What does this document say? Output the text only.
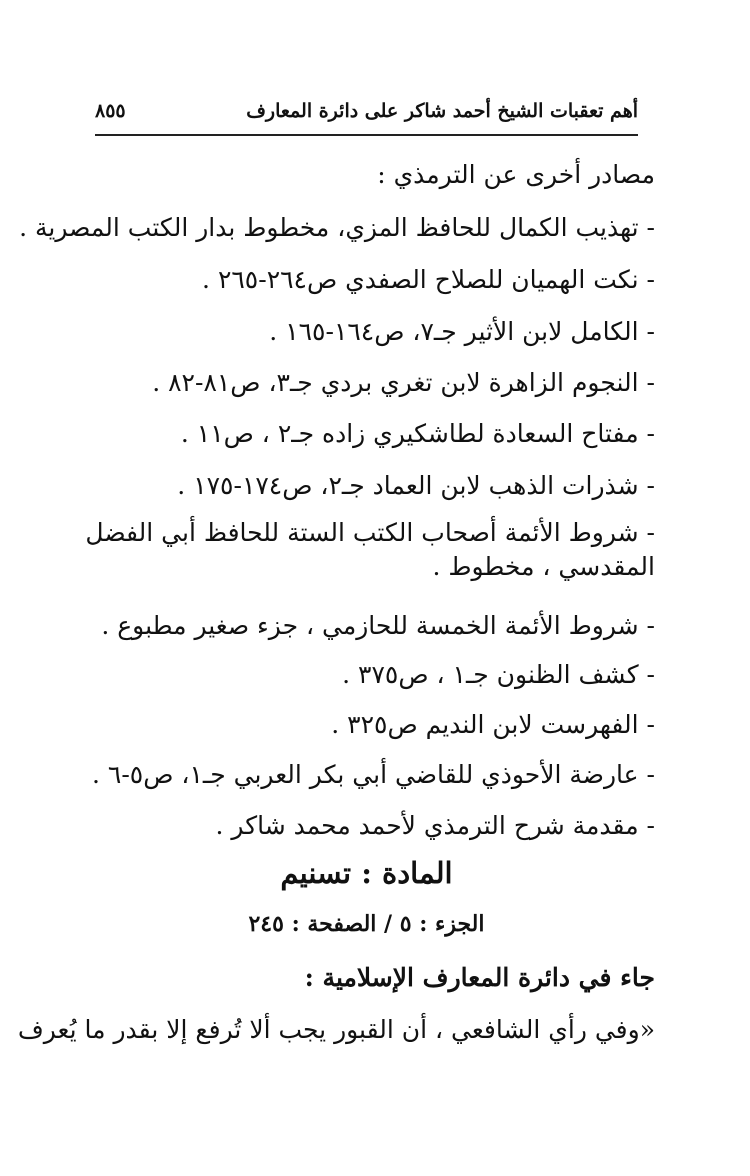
أهم تعقبات الشيخ أحمد شاكر على دائرة المعارف
٨٥٥
مصادر أخرى عن الترمذي :
- تهذيب الكمال للحافظ المزي، مخطوط بدار الكتب المصرية .
- نكت الهميان للصلاح الصفدي ص٢٦٤-٢٦٥ .
- الكامل لابن الأثير جـ٧، ص١٦٤-١٦٥ .
- النجوم الزاهرة لابن تغري بردي جـ٣، ص٨١-٨٢ .
- مفتاح السعادة لطاشكيري زاده جـ٢ ، ص١١ .
- شذرات الذهب لابن العماد جـ٢، ص١٧٤-١٧٥ .
- شروط الأئمة أصحاب الكتب الستة للحافظ أبي الفضل
المقدسي ، مخطوط .
- شروط الأئمة الخمسة للحازمي ، جزء صغير مطبوع .
- كشف الظنون جـ١ ، ص٣٧٥ .
- الفهرست لابن النديم ص٣٢٥ .
- عارضة الأحوذي للقاضي أبي بكر العربي جـ١، ص٥-٦ .
- مقدمة شرح الترمذي لأحمد محمد شاكر .
المادة : تسنيم
الجزء : ٥ / الصفحة : ٢٤٥
جاء في دائرة المعارف الإسلامية :
«وفي رأي الشافعي ، أن القبور يجب ألا تُرفع إلا بقدر ما يُعرف
